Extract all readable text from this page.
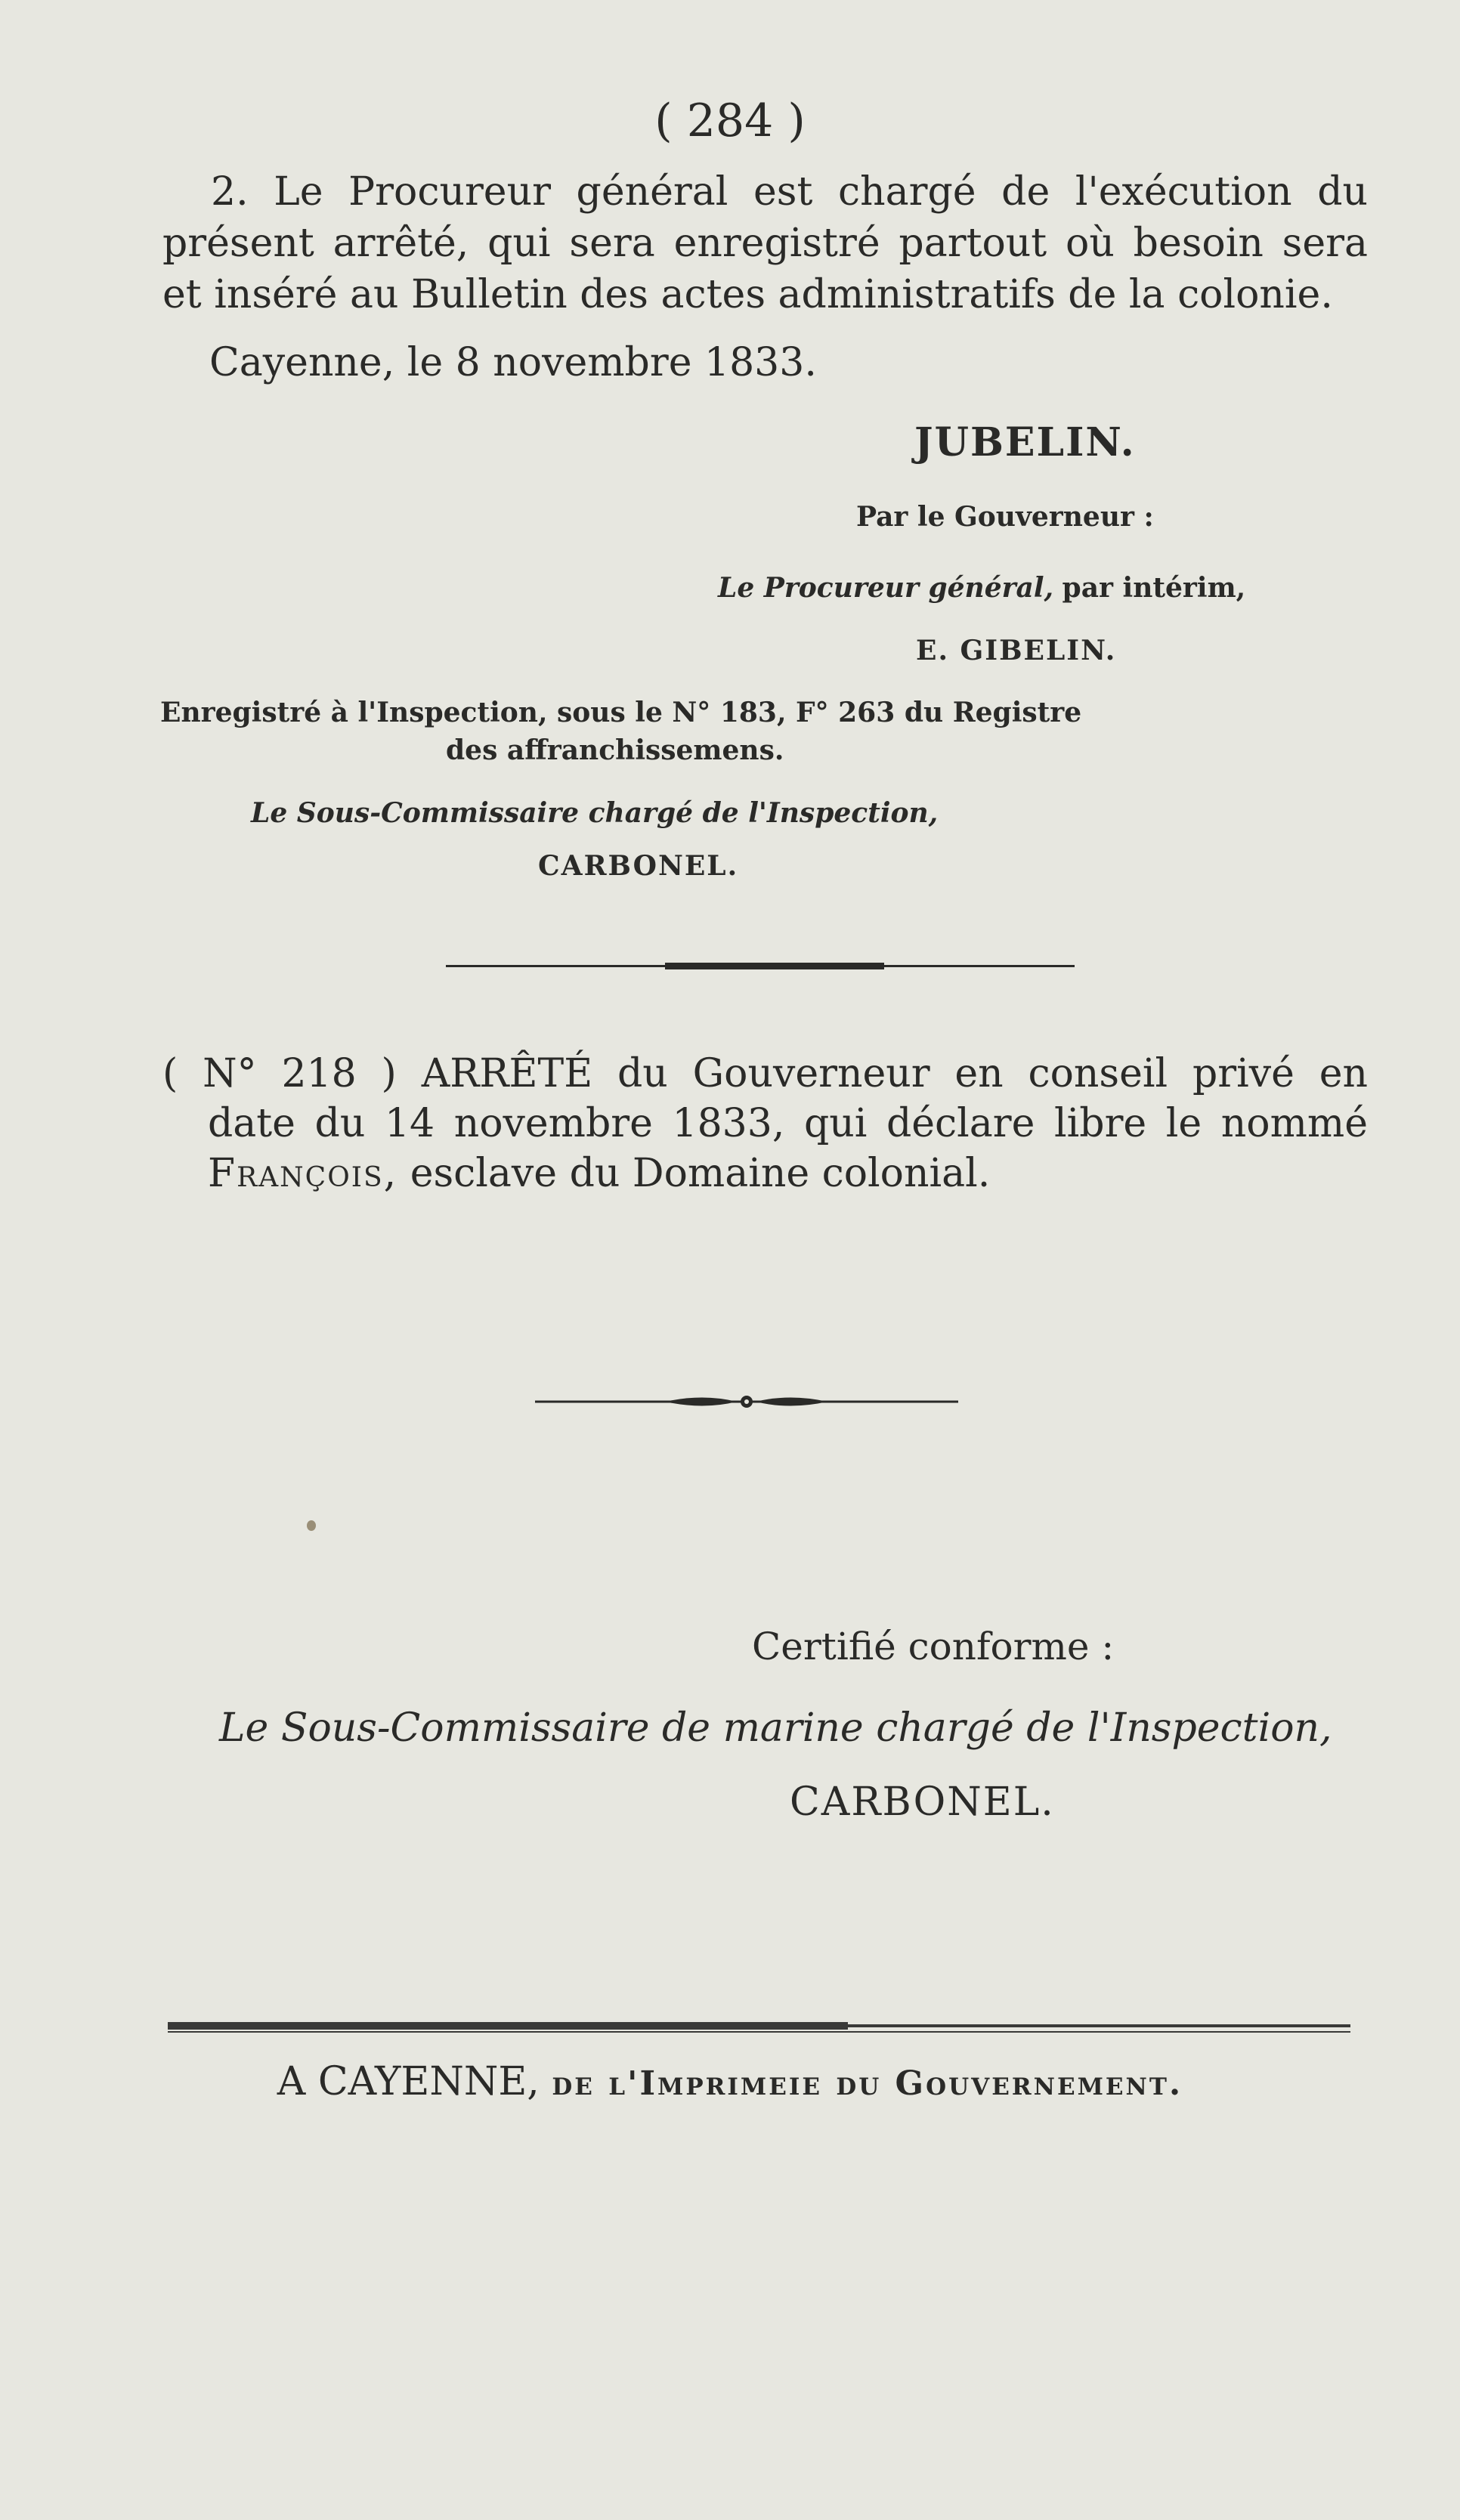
( 284 )
2. Le Procureur général est chargé de l'exécution du présent arrêté, qui sera enregistré partout où besoin sera et inséré au Bulletin des actes administratifs de la colonie.
Cayenne, le 8 novembre 1833.
JUBELIN.
Par le Gouverneur :
Le Procureur général, par intérim,
E. GIBELIN.
Enregistré à l'Inspection, sous le N° 183, F° 263 du Registre
des affranchissemens.
Le Sous-Commissaire chargé de l'Inspection,
CARBONEL.
( N° 218 ) ARRÊTÉ du Gouverneur en conseil privé en
date du 14 novembre 1833, qui déclare libre le nommé
François, esclave du Domaine colonial.
Certifié conforme :
Le Sous-Commissaire de marine chargé de l'Inspection,
CARBONEL.
A CAYENNE, de l'Imprimeie du Gouvernement.
